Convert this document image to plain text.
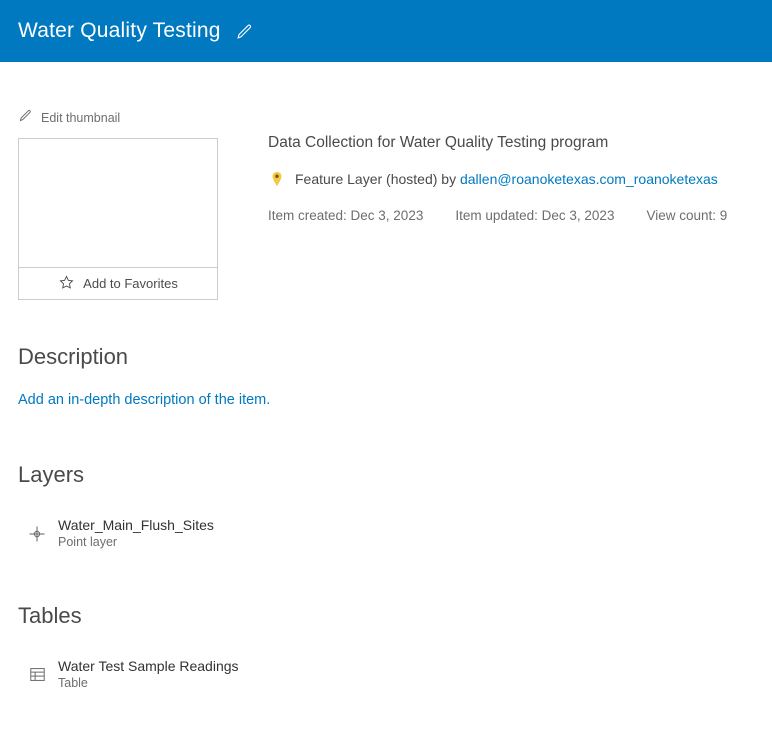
Water Quality Testing
Edit thumbnail
Add to Favorites
Data Collection for Water Quality Testing program
Feature Layer (hosted) by
dallen@roanoketexas.com_roanoketexas
Item created: Dec 3, 2023 Item updated: Dec 3, 2023 View count: 9
Description
Add an in-depth description of the item.
Layers
Water_Main_Flush_Sites
Point layer
Tables
Water Test Sample Readings
Table
